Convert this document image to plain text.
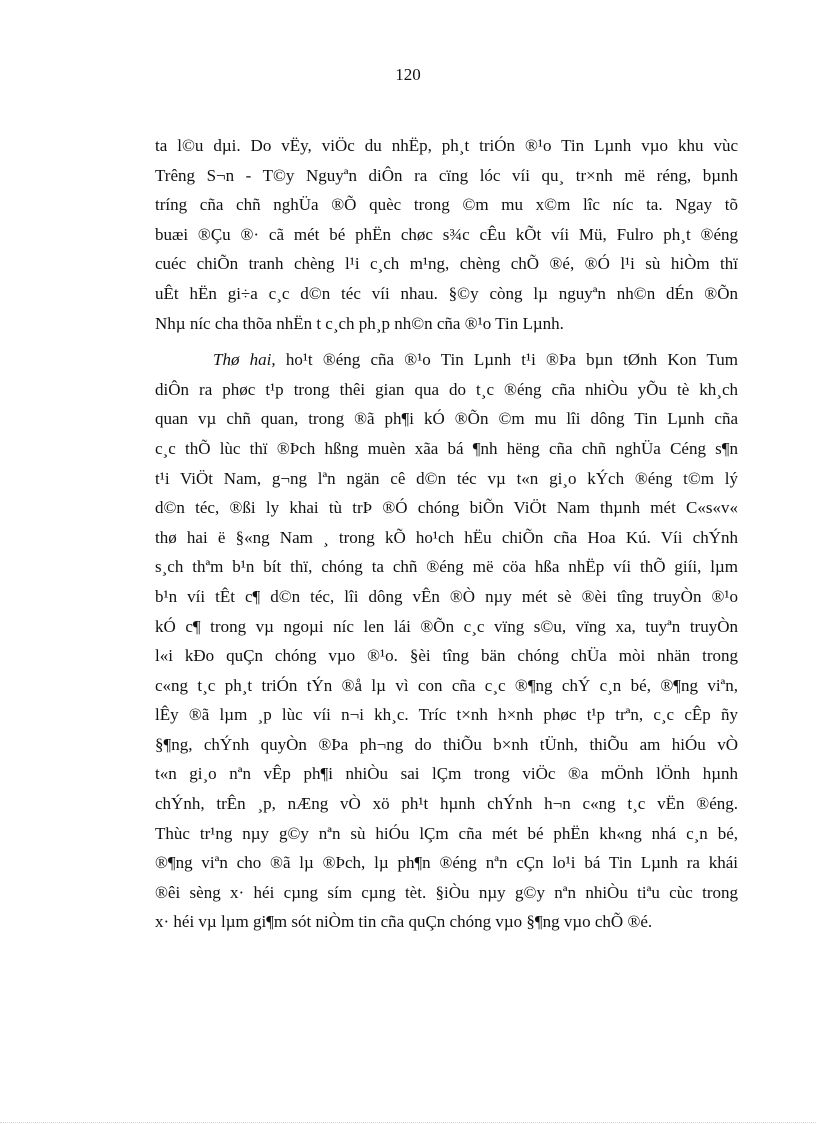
120

ta l©u dµi. Do vËy, viÖc du nhËp, ph¸t triÓn ®¹o Tin Lµnh vµo khu vùc
Trêng S¬n - T©y Nguyªn diÔn ra cïng lóc víi qu¸ tr×nh më réng, bµnh
tríng cña chñ nghÜa ®Õ quèc trong ©m mu x©m lîc níc ta. Ngay tõ
buæi ®Çu ®· cã mét bé phËn chøc s¾c cÊu kÕt víi Mü, Fulro ph¸t ®éng
cuéc chiÕn tranh chèng l¹i c¸ch m¹ng, chèng chÕ ®é, ®Ó l¹i sù hiÒm thï
uÊt hËn gi÷a c¸c d©n téc víi nhau. §©y còng lµ nguyªn nh©n dÉn ®Õn
Nhµ níc cha thõa nhËn t c¸ch ph¸p nh©n cña ®¹o Tin Lµnh.

Thø hai, ho¹t ®éng cña ®¹o Tin Lµnh t¹i ®Þa bµn tØnh Kon Tum
diÔn ra phøc t¹p trong thêi gian qua do t¸c ®éng cña nhiÒu yÕu tè kh¸ch
quan vµ chñ quan, trong ®ã ph¶i kÓ ®Õn ©m mu lîi dông Tin Lµnh cña
c¸c thÕ lùc thï ®Þch hßng muèn xãa bá ¶nh hëng cña chñ nghÜa Céng s¶n
t¹i ViÖt Nam, g¬ng lªn ngän cê d©n téc vµ t«n gi¸o kÝch ®éng t©m lý
d©n téc, ®ßi ly khai tù trÞ ®Ó chóng biÕn ViÖt Nam thµnh mét C«s«v«
thø hai ë §«ng Nam ¸ trong kÕ ho¹ch hËu chiÕn cña Hoa Kú. Víi chÝnh
s¸ch thªm b¹n bít thï, chóng ta chñ ®éng më cöa hßa nhËp víi thÕ giíi, lµm
b¹n víi tÊt c¶ d©n téc, lîi dông vÊn ®Ò nµy mét sè ®èi tîng truyÒn ®¹o
kÓ c¶ trong vµ ngoµi níc len lái ®Õn c¸c vïng s©u, vïng xa, tuyªn truyÒn
l«i kÐo quÇn chóng vµo ®¹o. §èi tîng bän chóng chÜa mòi nhän trong
c«ng t¸c ph¸t triÓn tÝn ®å lµ vì con cña c¸c ®¶ng chÝ c¸n bé, ®¶ng viªn,
lÊy ®ã lµm ¸p lùc víi n¬i kh¸c. Tríc t×nh h×nh phøc t¹p trªn, c¸c cÊp ñy
§¶ng, chÝnh quyÒn ®Þa ph¬ng do thiÕu b×nh tÜnh, thiÕu am hiÓu vÒ
t«n gi¸o nªn vÊp ph¶i nhiÒu sai lÇm trong viÖc ®a mÖnh lÖnh hµnh
chÝnh, trÊn ¸p, nÆng vÒ xö ph¹t hµnh chÝnh h¬n c«ng t¸c vËn ®éng.
Thùc tr¹ng nµy g©y nªn sù hiÓu lÇm cña mét bé phËn kh«ng nhá c¸n bé,
®¶ng viªn cho ®ã lµ ®Þch, lµ ph¶n ®éng nªn cÇn lo¹i bá Tin Lµnh ra khái
®êi sèng x· héi cµng sím cµng tèt. §iÒu nµy g©y nªn nhiÒu tiªu cùc trong
x· héi vµ lµm gi¶m sót niÒm tin cña quÇn chóng vµo §¶ng vµo chÕ ®é.
